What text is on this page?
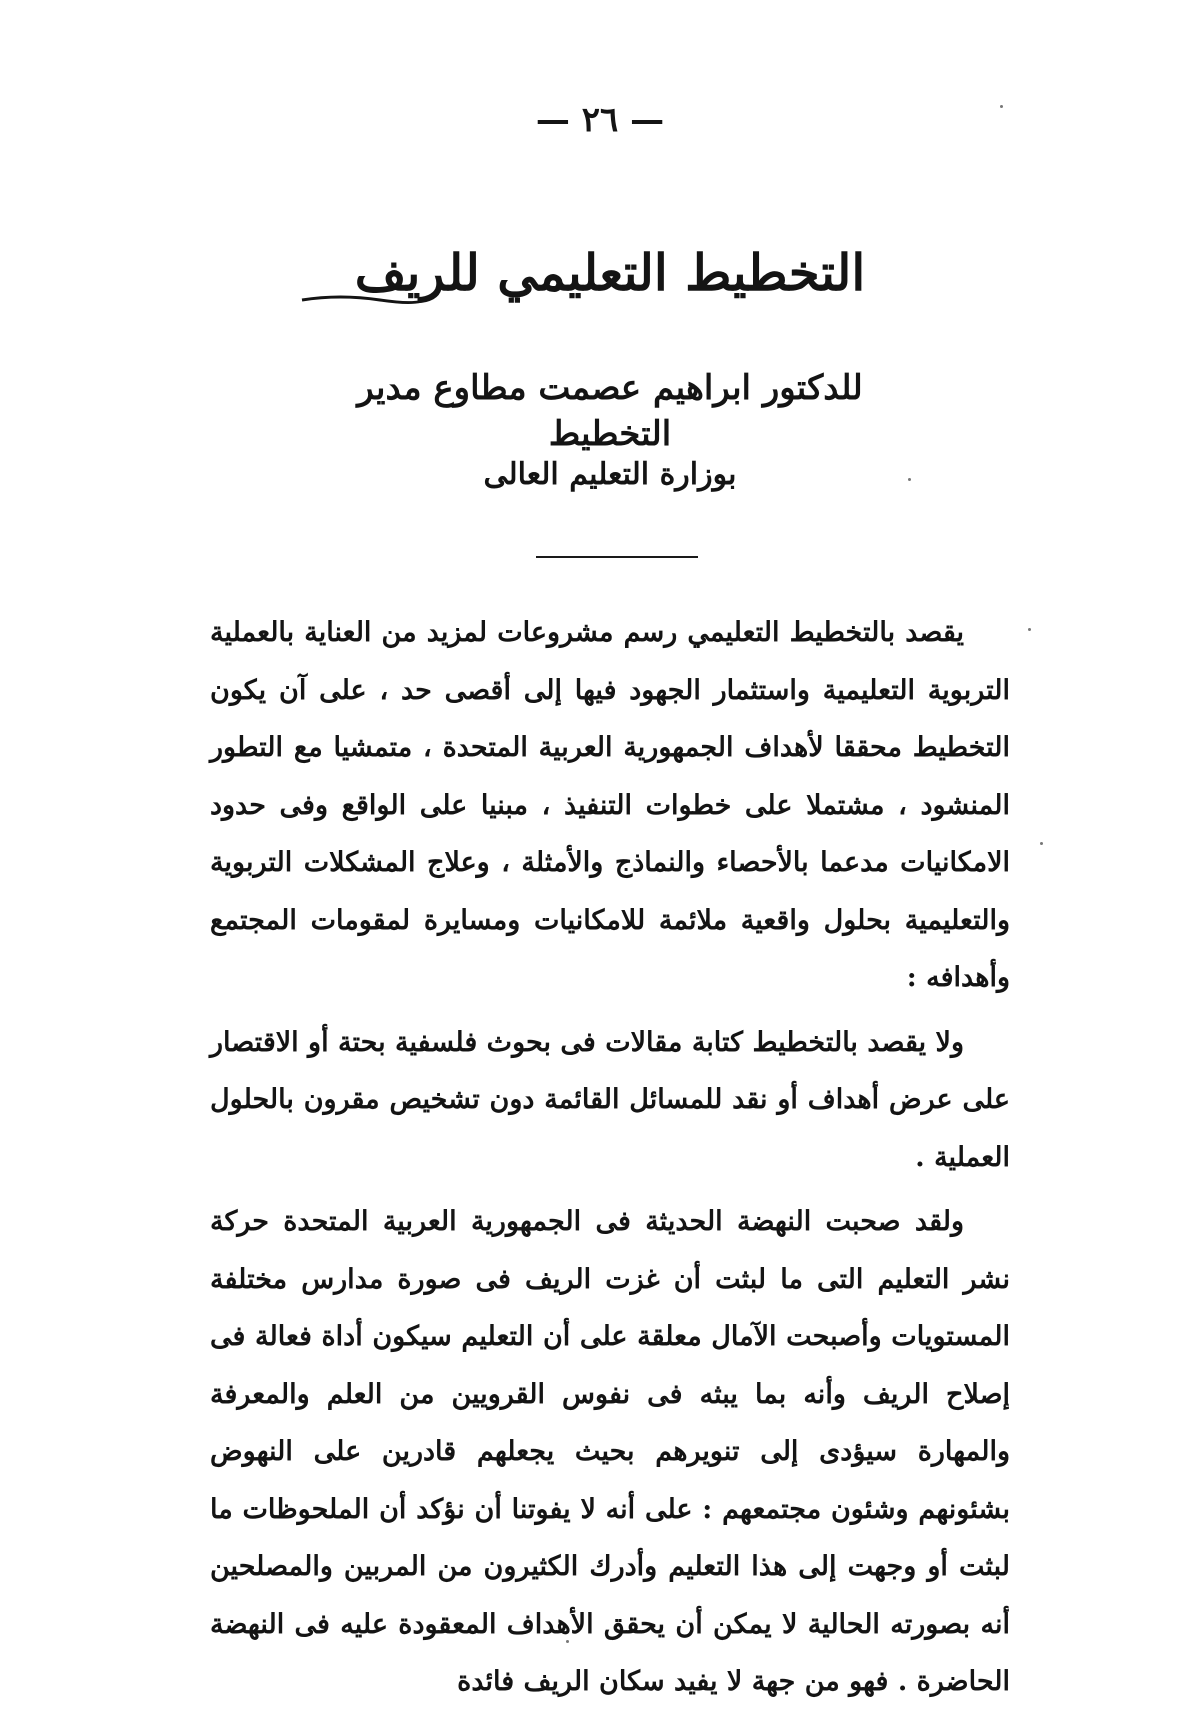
— ٢٦ —
التخطيط التعليمي للريف
للدكتور ابراهيم عصمت مطاوع مدير التخطيط
بوزارة التعليم العالى

يقصد بالتخطيط التعليمي رسم مشروعات لمزيد من العناية بالعملية التربوية التعليمية واستثمار الجهود فيها إلى أقصى حد ، على آن يكون التخطيط محققا لأهداف الجمهورية العربية المتحدة ، متمشيا مع التطور المنشود ، مشتملا على خطوات التنفيذ ، مبنيا على الواقع وفى حدود الامكانيات مدعما بالأحصاء والنماذج والأمثلة ، وعلاج المشكلات التربوية والتعليمية بحلول واقعية ملائمة للامكانيات ومسايرة لمقومات المجتمع وأهدافه :

ولا يقصد بالتخطيط كتابة مقالات فى بحوث فلسفية بحتة أو الاقتصار على عرض أهداف أو نقد للمسائل القائمة دون تشخيص مقرون بالحلول العملية .

ولقد صحبت النهضة الحديثة فى الجمهورية العربية المتحدة حركة نشر التعليم التى ما لبثت أن غزت الريف فى صورة مدارس مختلفة المستويات وأصبحت الآمال معلقة على أن التعليم سيكون أداة فعالة فى إصلاح الريف وأنه بما يبثه فى نفوس القرويين من العلم والمعرفة والمهارة سيؤدى إلى تنويرهم بحيث يجعلهم قادرين على النهوض بشئونهم وشئون مجتمعهم : على أنه لا يفوتنا أن نؤكد أن الملحوظات ما لبثت أو وجهت إلى هذا التعليم وأدرك الكثيرون من المربين والمصلحين أنه بصورته الحالية لا يمكن أن يحقق الأهداف المعقودة عليه فى النهضة الحاضرة . فهو من جهة لا يفيد سكان الريف فائدة
